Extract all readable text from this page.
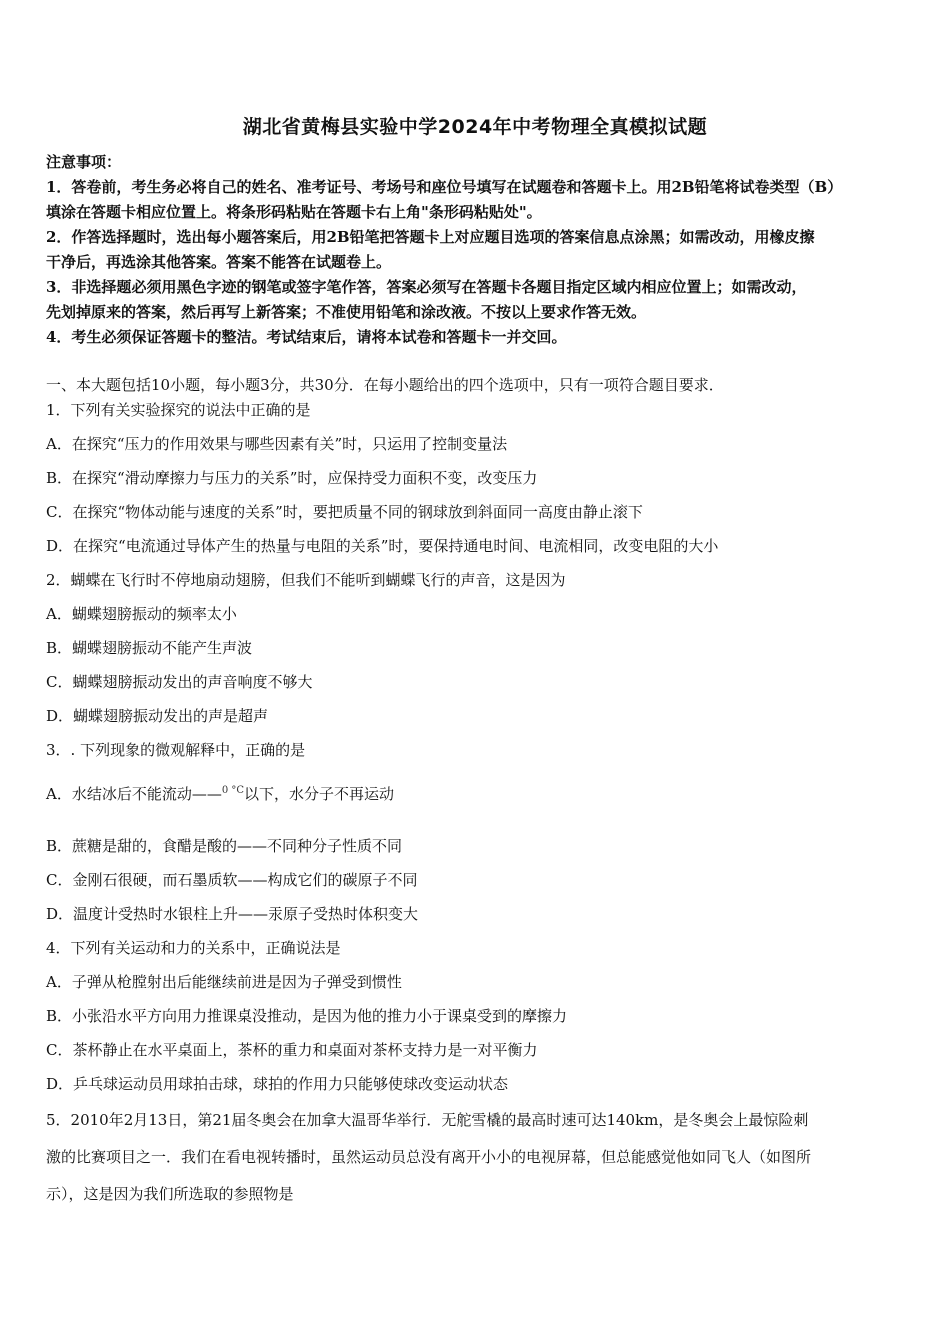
湖北省黄梅县实验中学2024年中考物理全真模拟试题
注意事项：
1．答卷前，考生务必将自己的姓名、准考证号、考场号和座位号填写在试题卷和答题卡上。用2B铅笔将试卷类型（B）
填涂在答题卡相应位置上。将条形码粘贴在答题卡右上角"条形码粘贴处"。
2．作答选择题时，选出每小题答案后，用2B铅笔把答题卡上对应题目选项的答案信息点涂黑；如需改动，用橡皮擦
干净后，再选涂其他答案。答案不能答在试题卷上。
3．非选择题必须用黑色字迹的钢笔或签字笔作答，答案必须写在答题卡各题目指定区域内相应位置上；如需改动，
先划掉原来的答案，然后再写上新答案；不准使用铅笔和涂改液。不按以上要求作答无效。
4．考生必须保证答题卡的整洁。考试结束后，请将本试卷和答题卡一并交回。
一、本大题包括10小题，每小题3分，共30分．在每小题给出的四个选项中，只有一项符合题目要求．
1．下列有关实验探究的说法中正确的是
A．在探究“压力的作用效果与哪些因素有关”时，只运用了控制变量法
B．在探究“滑动摩擦力与压力的关系”时，应保持受力面积不变，改变压力
C．在探究“物体动能与速度的关系”时，要把质量不同的钢球放到斜面同一高度由静止滚下
D．在探究“电流通过导体产生的热量与电阻的关系”时，要保持通电时间、电流相同，改变电阻的大小
2．蝴蝶在飞行时不停地扇动翅膀，但我们不能听到蝴蝶飞行的声音，这是因为
A．蝴蝶翅膀振动的频率太小
B．蝴蝶翅膀振动不能产生声波
C．蝴蝶翅膀振动发出的声音响度不够大
D．蝴蝶翅膀振动发出的声是超声
3．. 下列现象的微观解释中，正确的是
A．水结冰后不能流动——$^{0 ^\circ C}$以下，水分子不再运动
B．蔗糖是甜的，食醋是酸的——不同种分子性质不同
C．金刚石很硬，而石墨质软——构成它们的碳原子不同
D．温度计受热时水银柱上升——汞原子受热时体积变大
4．下列有关运动和力的关系中，正确说法是
A．子弹从枪膛射出后能继续前进是因为子弹受到惯性
B．小张沿水平方向用力推课桌没推动，是因为他的推力小于课桌受到的摩擦力
C．茶杯静止在水平桌面上，茶杯的重力和桌面对茶杯支持力是一对平衡力
D．乒乓球运动员用球拍击球，球拍的作用力只能够使球改变运动状态
5．2010年2月13日，第21届冬奥会在加拿大温哥华举行．无舵雪橇的最高时速可达140km，是冬奥会上最惊险刺
激的比赛项目之一．我们在看电视转播时，虽然运动员总没有离开小小的电视屏幕，但总能感觉他如同飞人（如图所
示），这是因为我们所选取的参照物是
